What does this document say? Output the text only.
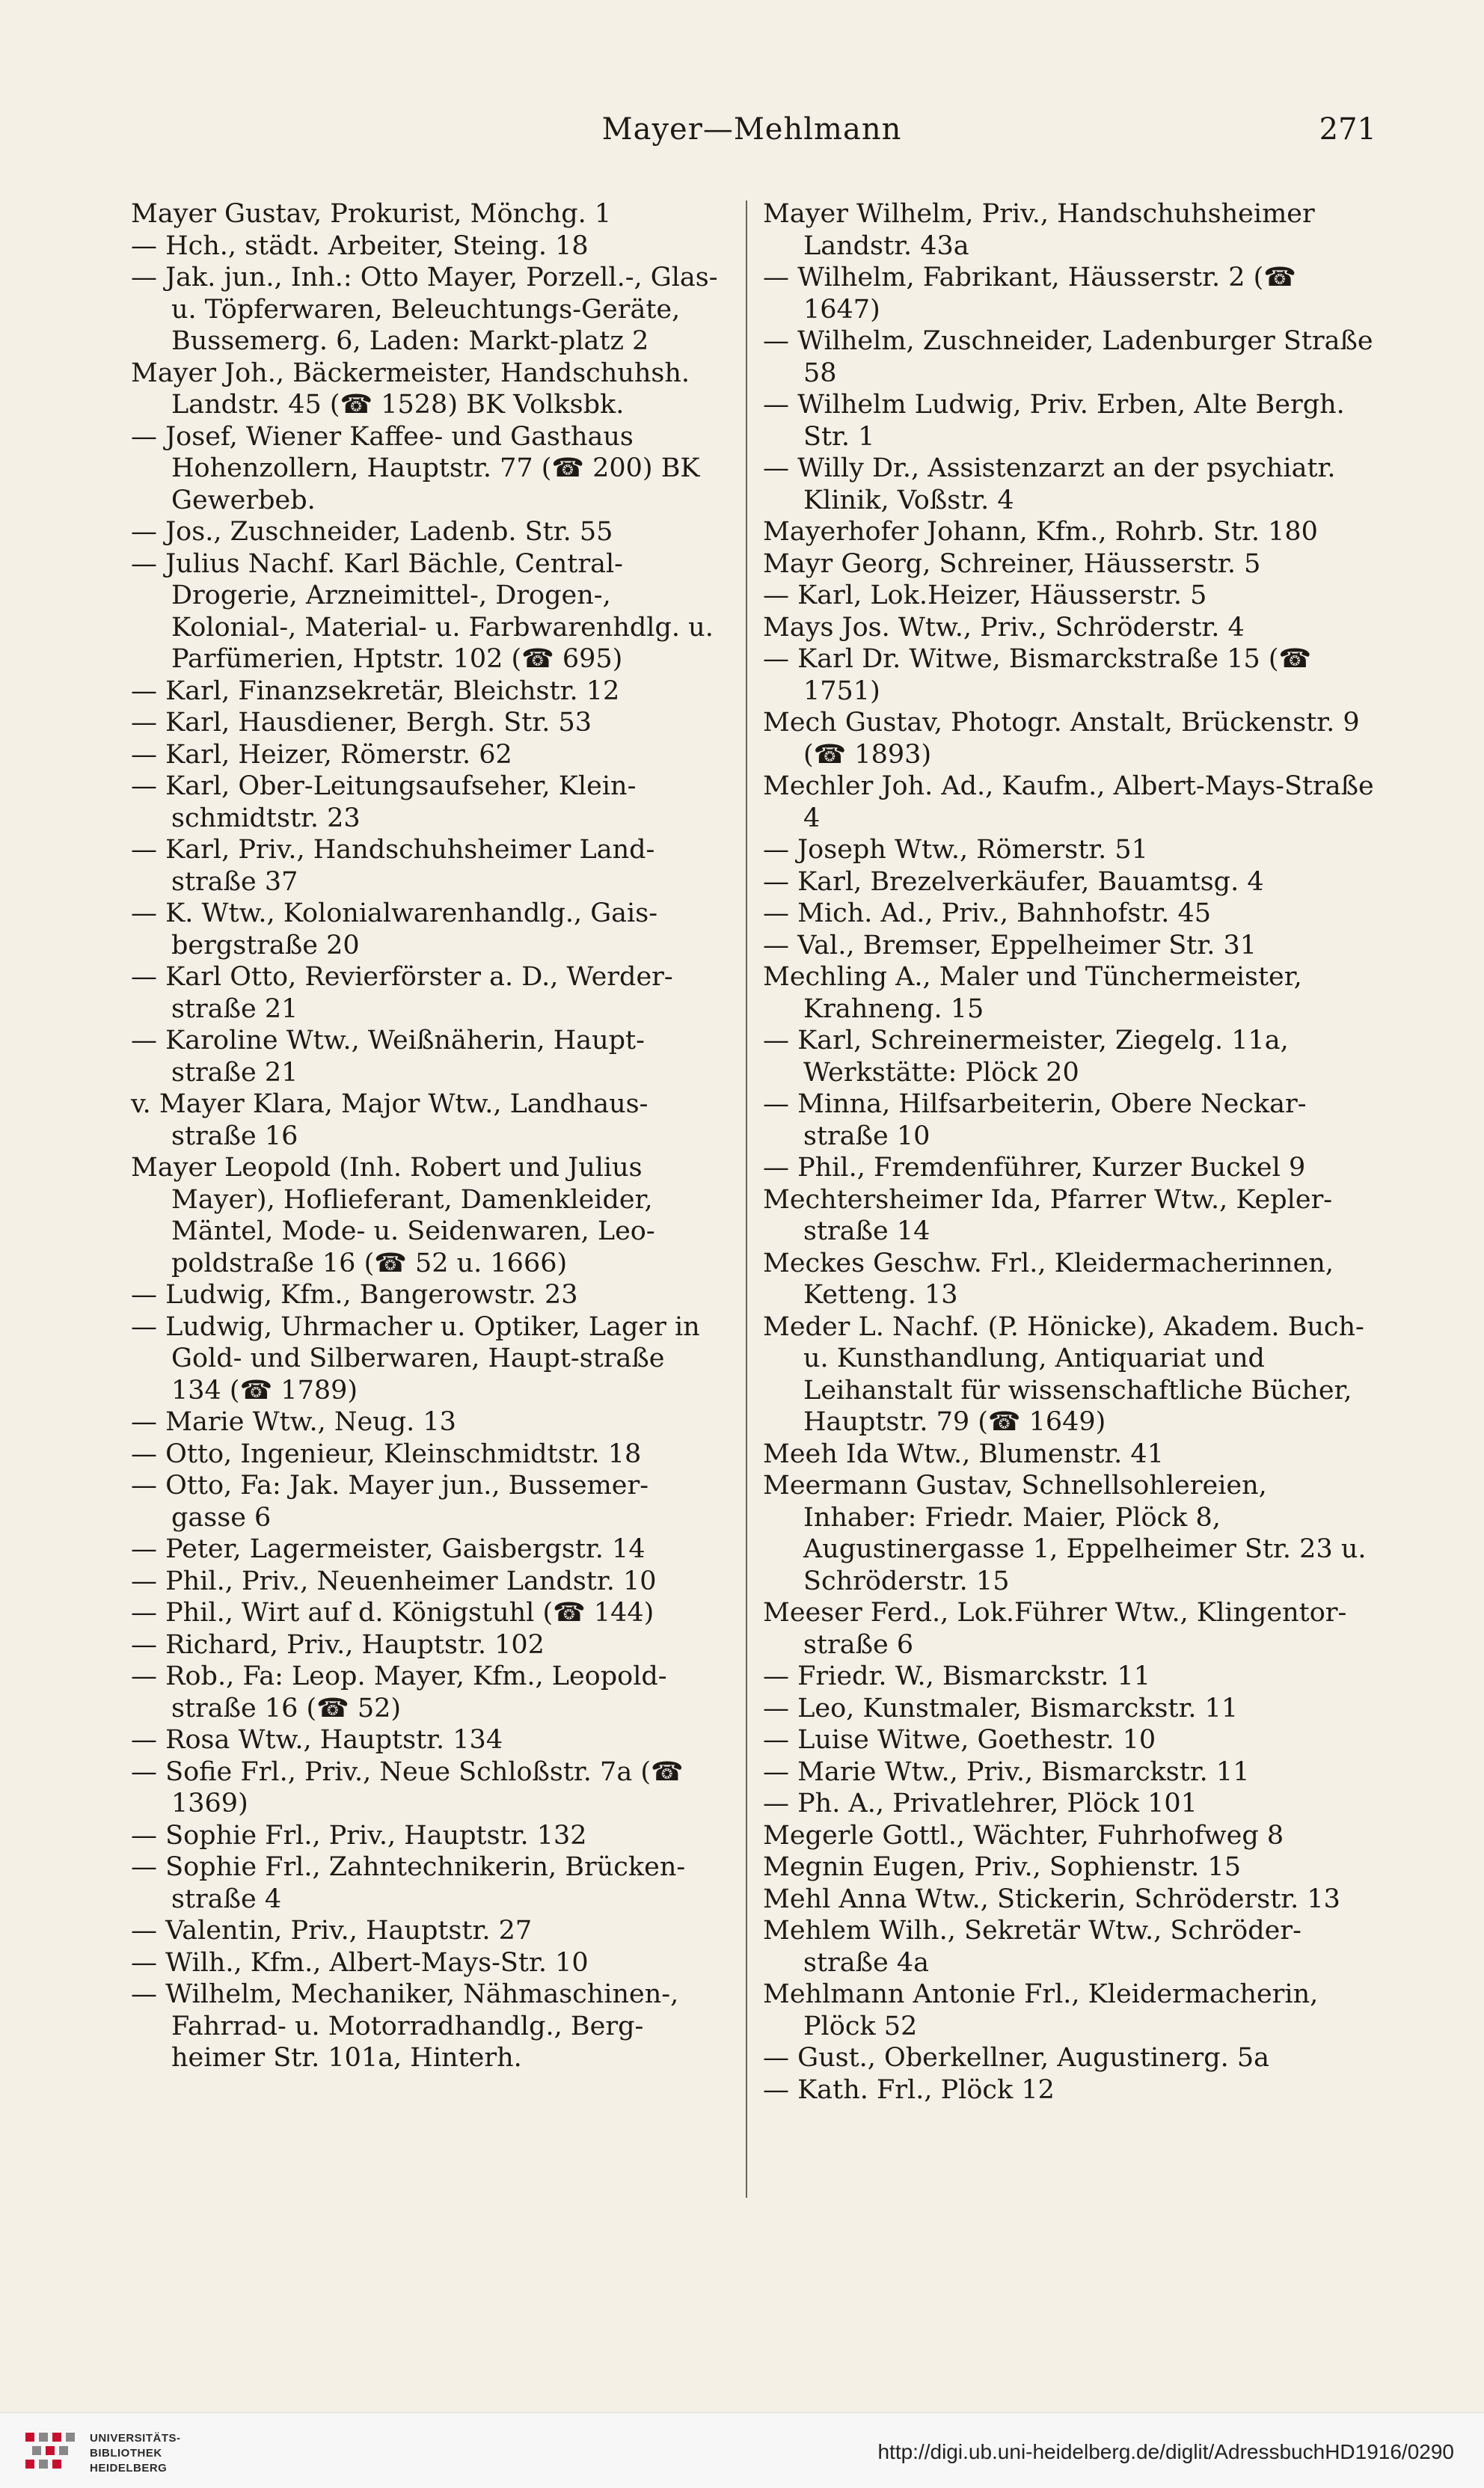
Mayer—Mehlmann	271

Mayer Gustav, Prokurist, Mönchg. 1

— Hch., städt. Arbeiter, Steing. 18

— Jak. jun., Inh.: Otto Mayer, Porzell.-, Glas- u. Töpferwaren, Beleuchtungs-Geräte, Bussemerg. 6, Laden: Markt-platz 2

Mayer Joh., Bäckermeister, Handschuhsh. Landstr. 45 (☎ 1528) BK Volksbk.

— Josef, Wiener Kaffee- und Gasthaus Hohenzollern, Hauptstr. 77 (☎ 200) BK Gewerbeb.

— Jos., Zuschneider, Ladenb. Str. 55

— Julius Nachf. Karl Bächle, Central-Drogerie, Arzneimittel-, Drogen-, Kolonial-, Material- u. Farbwarenhdlg. u. Parfümerien, Hptstr. 102 (☎ 695)

— Karl, Finanzsekretär, Bleichstr. 12

— Karl, Hausdiener, Bergh. Str. 53

— Karl, Heizer, Römerstr. 62

— Karl, Ober-Leitungsaufseher, Klein-schmidtstr. 23

— Karl, Priv., Handschuhsheimer Land-straße 37

— K. Wtw., Kolonialwarenhandlg., Gais-bergstraße 20

— Karl Otto, Revierförster a. D., Werder-straße 21

— Karoline Wtw., Weißnäherin, Haupt-straße 21

v. Mayer Klara, Major Wtw., Landhaus-straße 16

Mayer Leopold (Inh. Robert und Julius Mayer), Hoflieferant, Damenkleider, Mäntel, Mode- u. Seidenwaren, Leo-poldstraße 16 (☎ 52 u. 1666)

— Ludwig, Kfm., Bangerowstr. 23

— Ludwig, Uhrmacher u. Optiker, Lager in Gold- und Silberwaren, Haupt-straße 134 (☎ 1789)

— Marie Wtw., Neug. 13

— Otto, Ingenieur, Kleinschmidtstr. 18

— Otto, Fa: Jak. Mayer jun., Bussemer-gasse 6

— Peter, Lagermeister, Gaisbergstr. 14

— Phil., Priv., Neuenheimer Landstr. 10

— Phil., Wirt auf d. Königstuhl (☎ 144)

— Richard, Priv., Hauptstr. 102

— Rob., Fa: Leop. Mayer, Kfm., Leopold-straße 16 (☎ 52)

— Rosa Wtw., Hauptstr. 134

— Sofie Frl., Priv., Neue Schloßstr. 7a (☎ 1369)

— Sophie Frl., Priv., Hauptstr. 132

— Sophie Frl., Zahntechnikerin, Brücken-straße 4

— Valentin, Priv., Hauptstr. 27

— Wilh., Kfm., Albert-Mays-Str. 10

— Wilhelm, Mechaniker, Nähmaschinen-, Fahrrad- u. Motorradhandlg., Berg-heimer Str. 101a, Hinterh.

Mayer Wilhelm, Priv., Handschuhsheimer Landstr. 43a

— Wilhelm, Fabrikant, Häusserstr. 2 (☎ 1647)

— Wilhelm, Zuschneider, Ladenburger Straße 58

— Wilhelm Ludwig, Priv. Erben, Alte Bergh. Str. 1

— Willy Dr., Assistenzarzt an der psychiatr. Klinik, Voßstr. 4

Mayerhofer Johann, Kfm., Rohrb. Str. 180

Mayr Georg, Schreiner, Häusserstr. 5

— Karl, Lok.Heizer, Häusserstr. 5

Mays Jos. Wtw., Priv., Schröderstr. 4

— Karl Dr. Witwe, Bismarckstraße 15 (☎ 1751)

Mech Gustav, Photogr. Anstalt, Brückenstr. 9 (☎ 1893)

Mechler Joh. Ad., Kaufm., Albert-Mays-Straße 4

— Joseph Wtw., Römerstr. 51

— Karl, Brezelverkäufer, Bauamtsg. 4

— Mich. Ad., Priv., Bahnhofstr. 45

— Val., Bremser, Eppelheimer Str. 31

Mechling A., Maler und Tünchermeister, Krahneng. 15

— Karl, Schreinermeister, Ziegelg. 11a, Werkstätte: Plöck 20

— Minna, Hilfsarbeiterin, Obere Neckar-straße 10

— Phil., Fremdenführer, Kurzer Buckel 9

Mechtersheimer Ida, Pfarrer Wtw., Kepler-straße 14

Meckes Geschw. Frl., Kleidermacherinnen, Ketteng. 13

Meder L. Nachf. (P. Hönicke), Akadem. Buch- u. Kunsthandlung, Antiquariat und Leihanstalt für wissenschaftliche Bücher, Hauptstr. 79 (☎ 1649)

Meeh Ida Wtw., Blumenstr. 41

Meermann Gustav, Schnellsohlereien, Inhaber: Friedr. Maier, Plöck 8, Augustinergasse 1, Eppelheimer Str. 23 u. Schröderstr. 15

Meeser Ferd., Lok.Führer Wtw., Klingentor-straße 6

— Friedr. W., Bismarckstr. 11

— Leo, Kunstmaler, Bismarckstr. 11

— Luise Witwe, Goethestr. 10

— Marie Wtw., Priv., Bismarckstr. 11

— Ph. A., Privatlehrer, Plöck 101

Megerle Gottl., Wächter, Fuhrhofweg 8

Megnin Eugen, Priv., Sophienstr. 15

Mehl Anna Wtw., Stickerin, Schröderstr. 13

Mehlem Wilh., Sekretär Wtw., Schröder-straße 4a

Mehlmann Antonie Frl., Kleidermacherin, Plöck 52

— Gust., Oberkellner, Augustinerg. 5a

— Kath. Frl., Plöck 12

UNIVERSITÄTS-
BIBLIOTHEK
HEIDELBERG
http://digi.ub.uni-heidelberg.de/diglit/AdressbuchHD1916/0290
